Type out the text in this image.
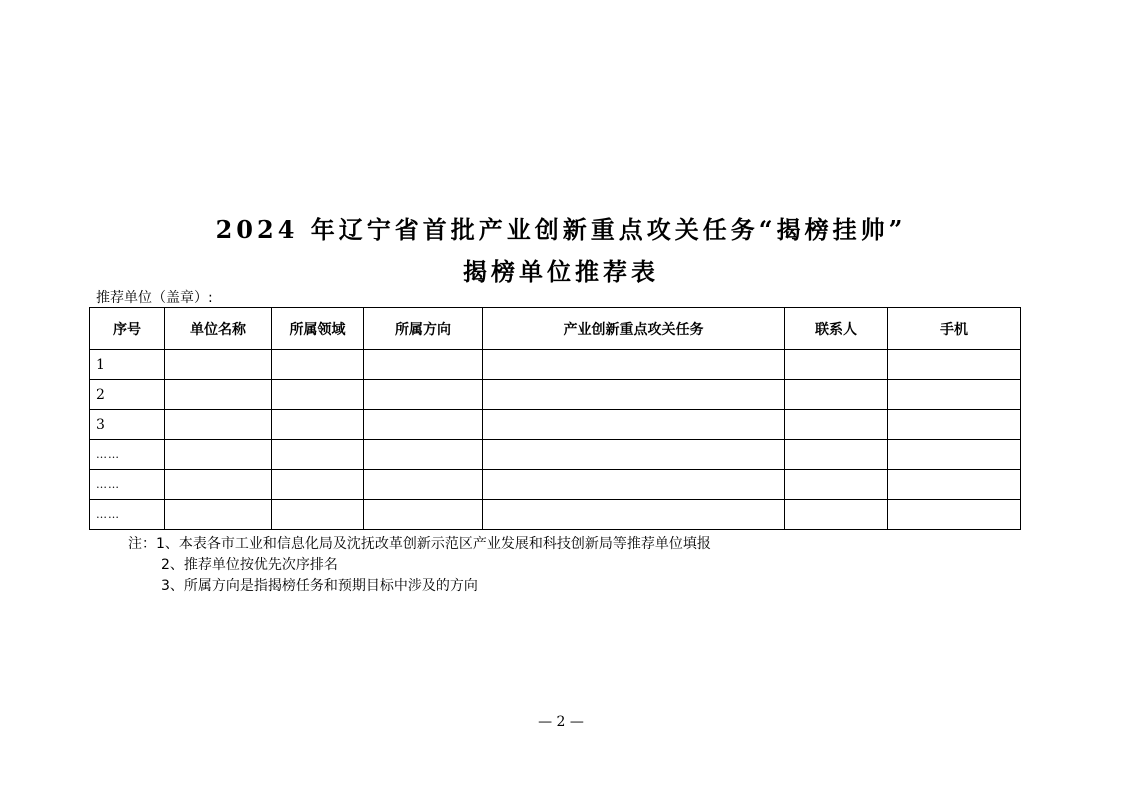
2024 年辽宁省首批产业创新重点攻关任务“揭榜挂帅”
揭榜单位推荐表
推荐单位（盖章）:
序号	单位名称	所属领域	所属方向	产业创新重点攻关任务	联系人	手机
1						
2						
3						
……						
……						
……						
注：1、本表各市工业和信息化局及沈抚改革创新示范区产业发展和科技创新局等推荐单位填报
2、推荐单位按优先次序排名
3、所属方向是指揭榜任务和预期目标中涉及的方向
— 2 —
